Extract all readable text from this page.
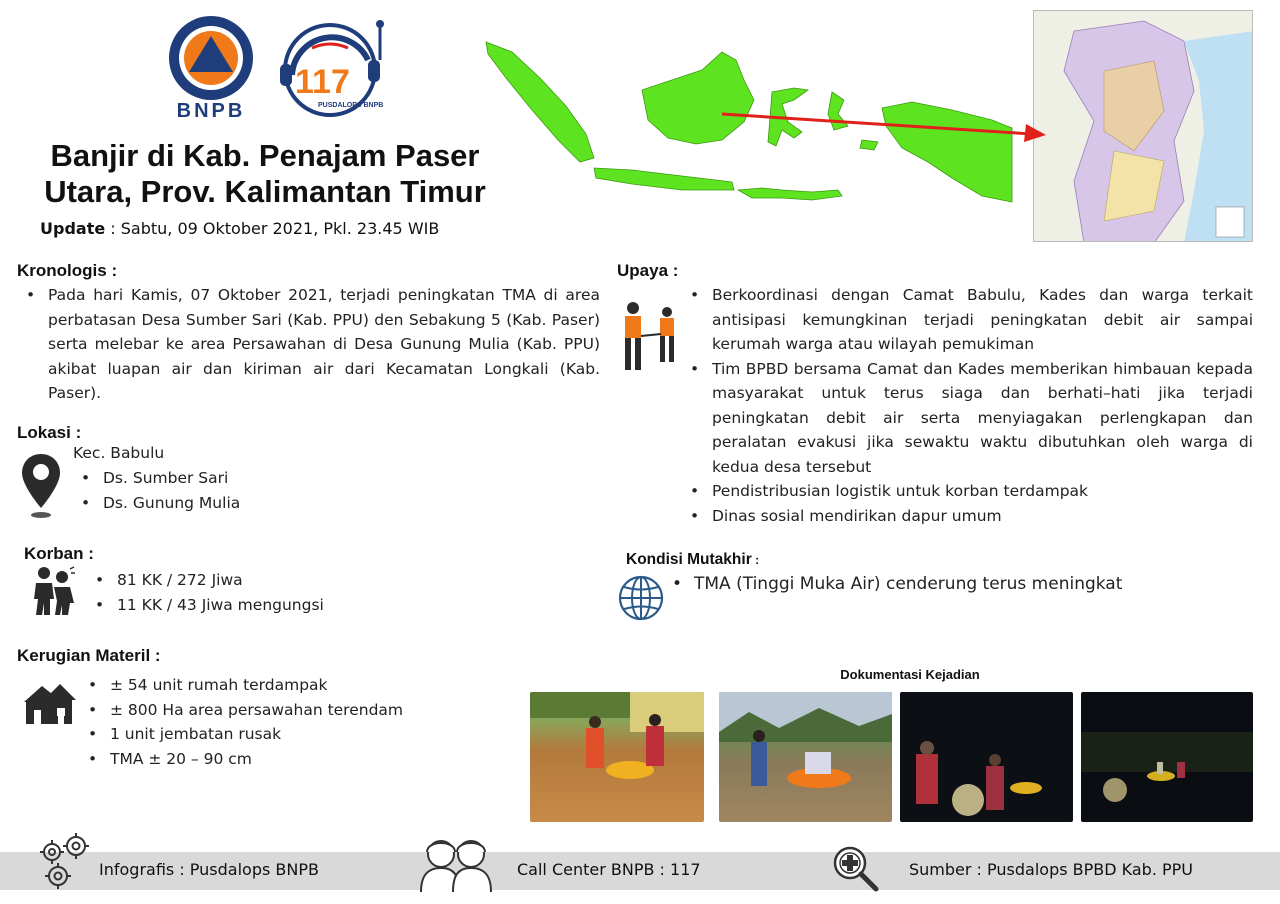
BNPB
117
PUSDALOPS BNPB
Banjir di Kab. Penajam Paser
Utara, Prov. Kalimantan Timur
Update : Sabtu, 09 Oktober 2021, Pkl. 23.45 WIB
Kronologis :
• Pada hari Kamis, 07 Oktober 2021, terjadi peningkatan TMA di area perbatasan Desa Sumber Sari (Kab. PPU) den Sebakung 5 (Kab. Paser) serta melebar ke area Persawahan di Desa Gunung Mulia (Kab. PPU) akibat luapan air dan kiriman air dari Kecamatan Longkali (Kab. Paser).
Lokasi :
Kec. Babulu
• Ds. Sumber Sari
• Ds. Gunung Mulia
Korban :
• 81 KK / 272 Jiwa
• 11 KK / 43 Jiwa mengungsi
Kerugian Materil :
• ± 54 unit rumah terdampak
• ± 800 Ha area persawahan terendam
• 1 unit jembatan rusak
• TMA ± 20 – 90 cm
Upaya :
• Berkoordinasi dengan Camat Babulu, Kades dan warga terkait antisipasi kemungkinan terjadi peningkatan debit air sampai kerumah warga atau wilayah pemukiman
• Tim BPBD bersama Camat dan Kades memberikan himbauan kepada masyarakat untuk terus siaga dan berhati–hati jika terjadi peningkatan debit air serta menyiagakan perlengkapan dan peralatan evakusi jika sewaktu waktu dibutuhkan oleh warga di kedua desa tersebut
• Pendistribusian logistik untuk korban terdampak
• Dinas sosial mendirikan dapur umum
Kondisi Mutakhir :
• TMA (Tinggi Muka Air) cenderung terus meningkat
Dokumentasi Kejadian
Infografis : Pusdalops BNPB	Call Center BNPB : 117	Sumber : Pusdalops BPBD Kab. PPU
